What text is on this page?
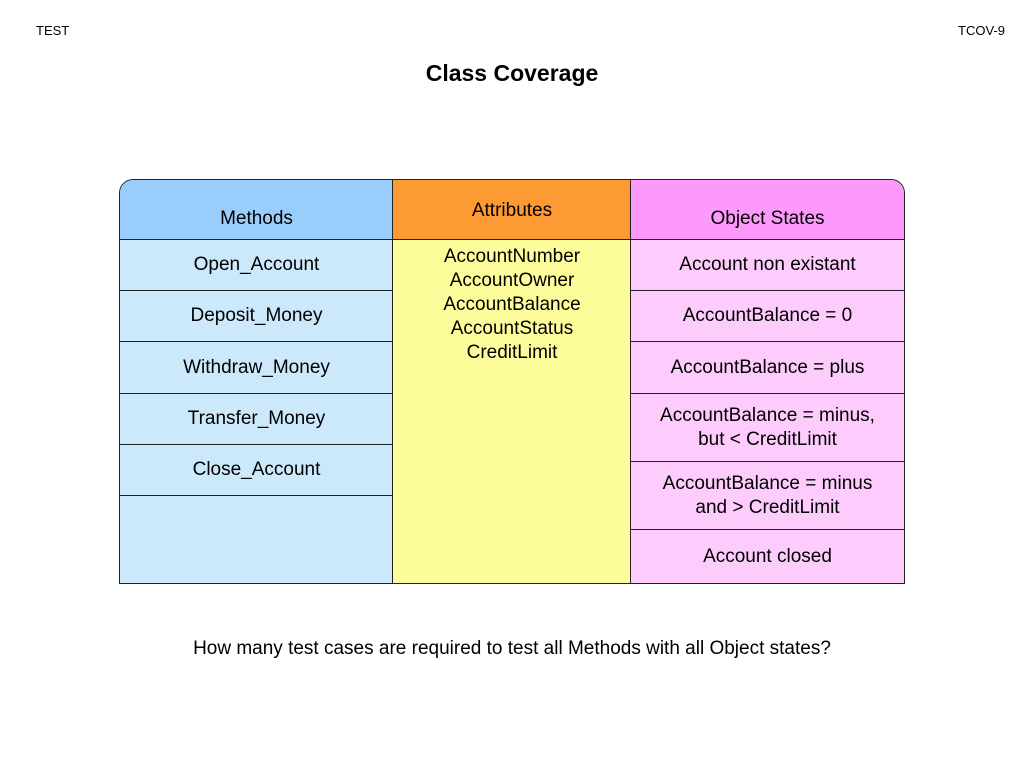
TEST	TCOV-9
Class Coverage
Methods
Open_Account
Deposit_Money
Withdraw_Money
Transfer_Money
Close_Account
Attributes
AccountNumber
AccountOwner
AccountBalance
AccountStatus
CreditLimit
Object States
Account non existant
AccountBalance = 0
AccountBalance = plus
AccountBalance = minus,
but < CreditLimit
AccountBalance = minus
and > CreditLimit
Account closed
How many test cases are required to test all Methods with all Object states?
